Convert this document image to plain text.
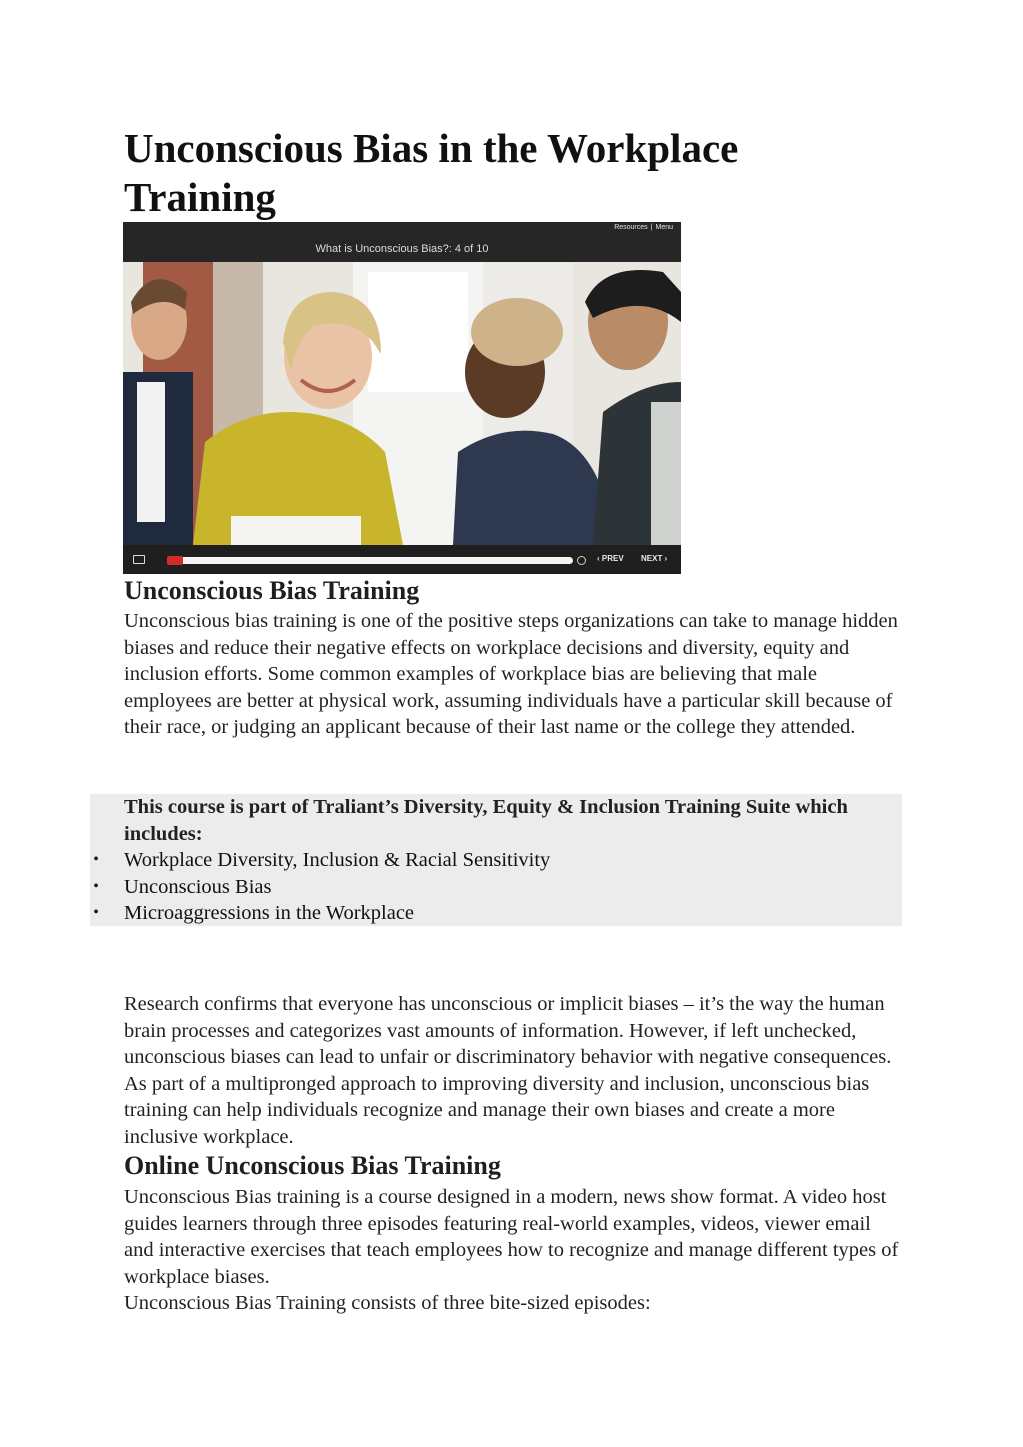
Unconscious Bias in the Workplace Training
Resources | Menu
What is Unconscious Bias?: 4 of 10
‹ PREV NEXT ›
Unconscious Bias Training

Unconscious bias training is one of the positive steps organizations can take to manage hidden biases and reduce their negative effects on workplace decisions and diversity, equity and inclusion efforts. Some common examples of workplace bias are believing that male employees are better at physical work, assuming individuals have a particular skill because of their race, or judging an applicant because of their last name or the college they attended.

This course is part of Traliant’s Diversity, Equity & Inclusion Training Suite which includes:

• Workplace Diversity, Inclusion & Racial Sensitivity
• Unconscious Bias
• Microaggressions in the Workplace

Research confirms that everyone has unconscious or implicit biases – it’s the way the human brain processes and categorizes vast amounts of information. However, if left unchecked, unconscious biases can lead to unfair or discriminatory behavior with negative consequences. As part of a multipronged approach to improving diversity and inclusion, unconscious bias training can help individuals recognize and manage their own biases and create a more inclusive workplace.

Online Unconscious Bias Training

Unconscious Bias training is a course designed in a modern, news show format. A video host guides learners through three episodes featuring real-world examples, videos, viewer email and interactive exercises that teach employees how to recognize and manage different types of workplace biases.

Unconscious Bias Training consists of three bite-sized episodes:
